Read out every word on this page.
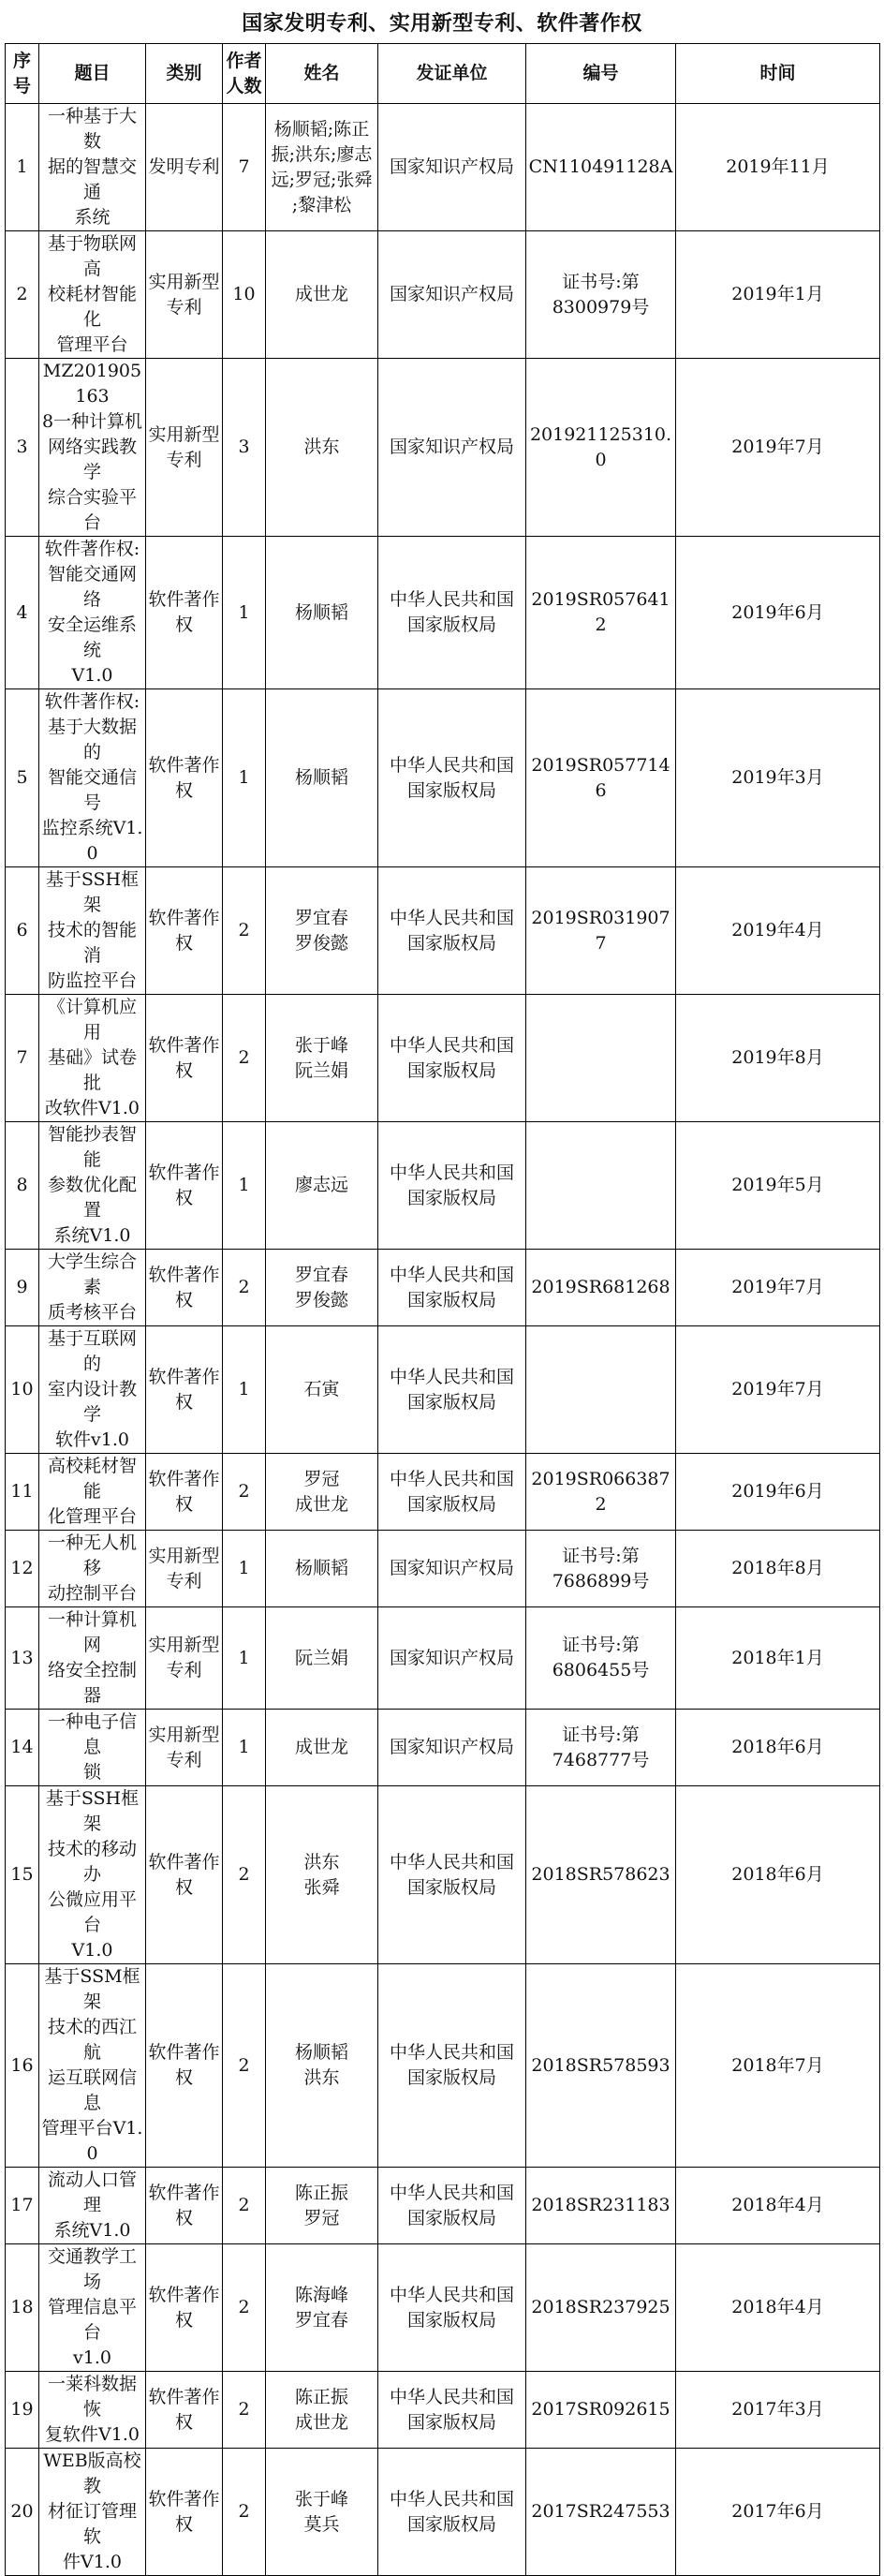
国家发明专利、实用新型专利、软件著作权
序
号	题目	类别	作者
人数	姓名	发证单位	编号	时间
1	一种基于大数
据的智慧交通
系统	发明专利	7	杨顺韬;陈正
振;洪东;廖志
远;罗冠;张舜
;黎津松	国家知识产权局	CN110491128A	2019年11月
2	基于物联网高
校耗材智能化
管理平台	实用新型
专利	10	成世龙	国家知识产权局	证书号:第
8300979号	2019年1月
3	MZ201905163
8一种计算机
网络实践教学
综合实验平台	实用新型
专利	3	洪东	国家知识产权局	201921125310.
0	2019年7月
4	软件著作权:
智能交通网络
安全运维系统
V1.0	软件著作
权	1	杨顺韬	中华人民共和国
国家版权局	2019SR0576412	2019年6月
5	软件著作权:
基于大数据的
智能交通信号
监控系统V1.0	软件著作
权	1	杨顺韬	中华人民共和国
国家版权局	2019SR0577146	2019年3月
6	基于SSH框架
技术的智能消
防监控平台	软件著作
权	2	罗宜春
罗俊懿	中华人民共和国
国家版权局	2019SR0319077	2019年4月
7	《计算机应用
基础》试卷批
改软件V1.0	软件著作
权	2	张于峰
阮兰娟	中华人民共和国
国家版权局		2019年8月
8	智能抄表智能
参数优化配置
系统V1.0	软件著作
权	1	廖志远	中华人民共和国
国家版权局		2019年5月
9	大学生综合素
质考核平台	软件著作
权	2	罗宜春
罗俊懿	中华人民共和国
国家版权局	2019SR681268	2019年7月
10	基于互联网的
室内设计教学
软件v1.0	软件著作
权	1	石寅	中华人民共和国
国家版权局		2019年7月
11	高校耗材智能
化管理平台	软件著作
权	2	罗冠
成世龙	中华人民共和国
国家版权局	2019SR0663872	2019年6月
12	一种无人机移
动控制平台	实用新型
专利	1	杨顺韬	国家知识产权局	证书号:第
7686899号	2018年8月
13	一种计算机网
络安全控制器	实用新型
专利	1	阮兰娟	国家知识产权局	证书号:第
6806455号	2018年1月
14	一种电子信息
锁	实用新型
专利	1	成世龙	国家知识产权局	证书号:第
7468777号	2018年6月
15	基于SSH框架
技术的移动办
公微应用平台
V1.0	软件著作
权	2	洪东
张舜	中华人民共和国
国家版权局	2018SR578623	2018年6月
16	基于SSM框架
技术的西江航
运互联网信息
管理平台V1.0	软件著作
权	2	杨顺韬
洪东	中华人民共和国
国家版权局	2018SR578593	2018年7月
17	流动人口管理
系统V1.0	软件著作
权	2	陈正振
罗冠	中华人民共和国
国家版权局	2018SR231183	2018年4月
18	交通教学工场
管理信息平台
v1.0	软件著作
权	2	陈海峰
罗宜春	中华人民共和国
国家版权局	2018SR237925	2018年4月
19	一莱科数据恢
复软件V1.0	软件著作
权	2	陈正振
成世龙	中华人民共和国
国家版权局	2017SR092615	2017年3月
20	WEB版高校教
材征订管理软
件V1.0	软件著作
权	2	张于峰
莫兵	中华人民共和国
国家版权局	2017SR247553	2017年6月
